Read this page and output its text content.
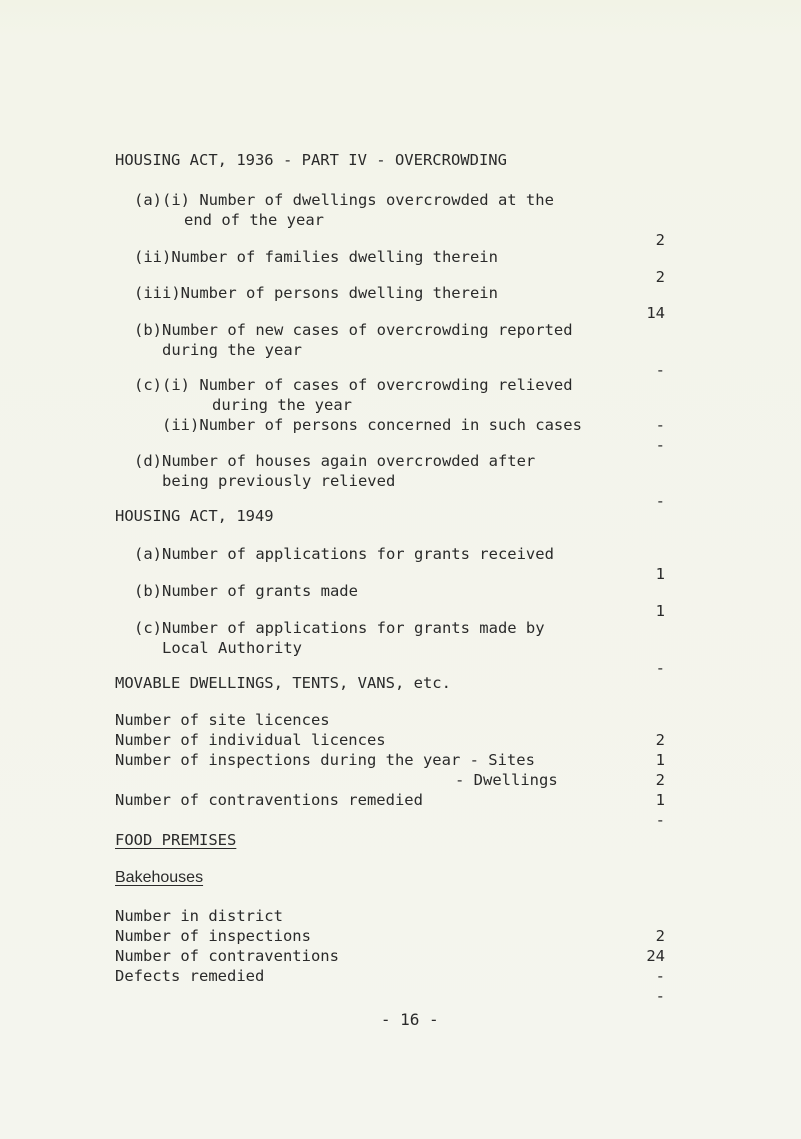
HOUSING ACT, 1936 - PART IV - OVERCROWDING

(a)(i) Number of dwellings overcrowded at the

end of the year

2

(ii)Number of families dwelling therein

2

(iii)Number of persons dwelling therein

14

(b)Number of new cases of overcrowding reported

during the year

-

(c)(i) Number of cases of overcrowding relieved

during the year

-

(ii)Number of persons concerned in such cases

-

(d)Number of houses again overcrowded after

being previously relieved

-

HOUSING ACT, 1949

(a)Number of applications for grants received

1

(b)Number of grants made

1

(c)Number of applications for grants made by

Local Authority

-

MOVABLE DWELLINGS, TENTS, VANS, etc.

Number of site licences

2

Number of individual licences

1

Number of inspections during the year - Sites

2

- Dwellings

1

Number of contraventions remedied

-

FOOD PREMISES

Bakehouses

Number in district

2

Number of inspections

24

Number of contraventions

-

Defects remedied

-

- 16 -
